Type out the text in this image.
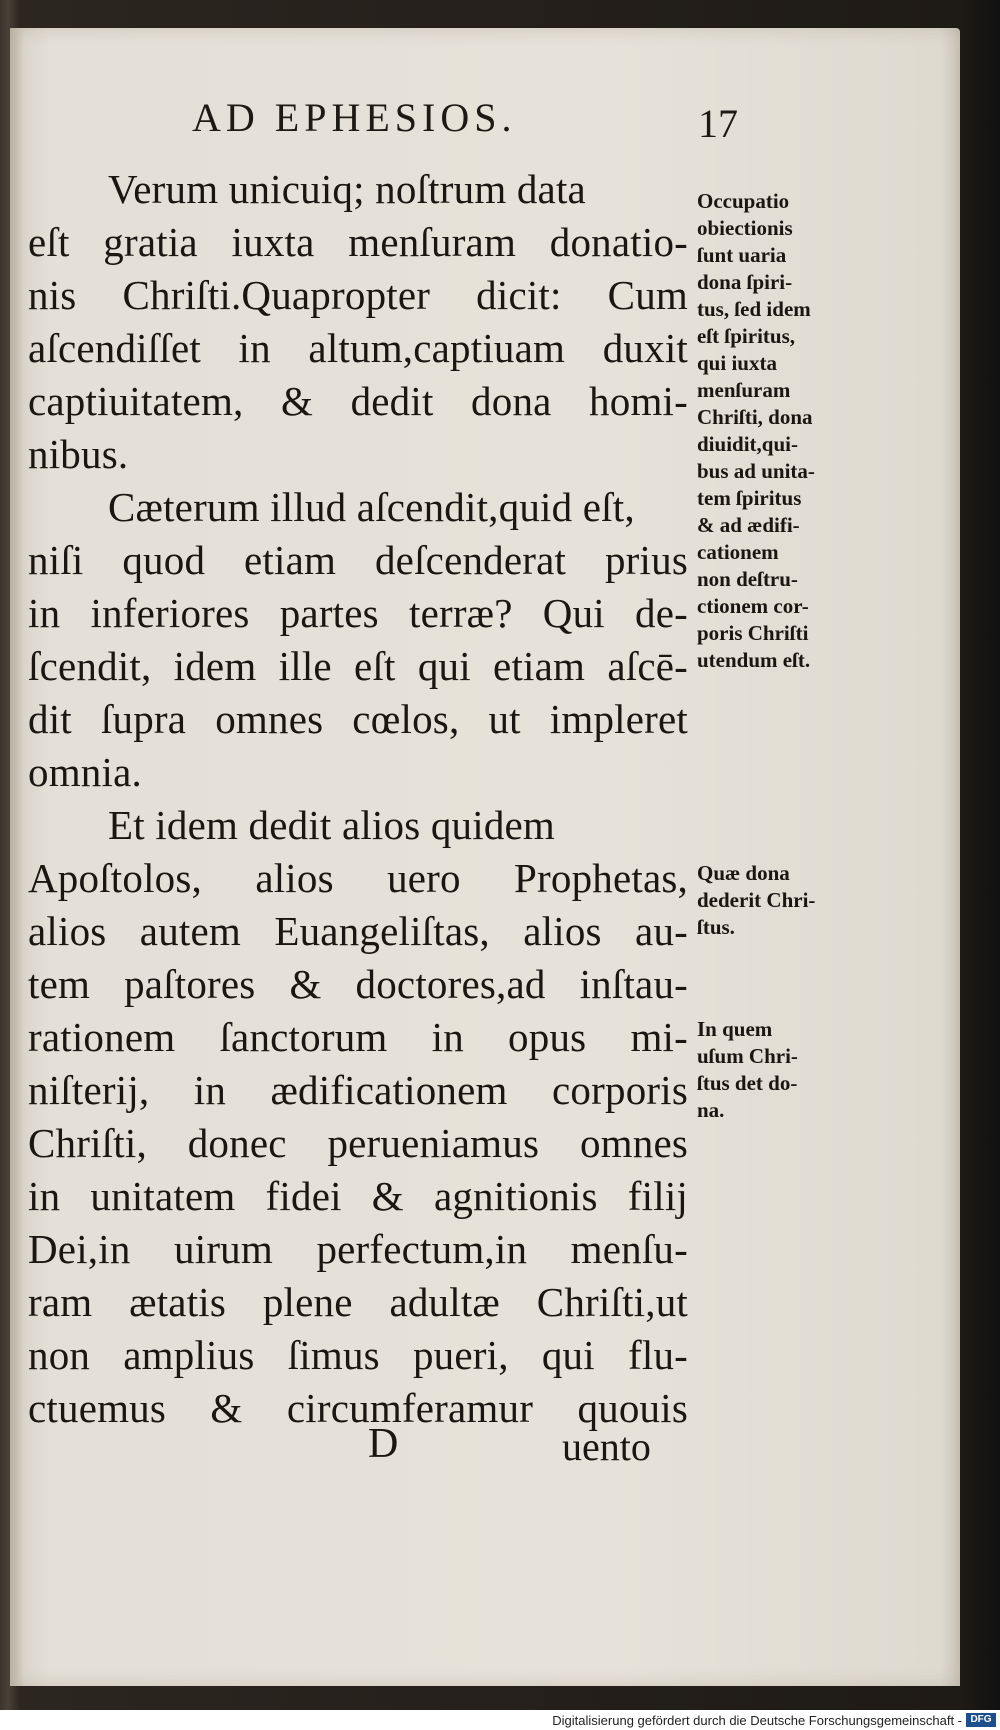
AD EPHESIOS.	17
Verum unicuiq; noſtrum data
eſt gratia iuxta menſuram donatio-
nis Chriſti.Quapropter dicit: Cum
aſcendiſſet in altum,captiuam duxit
captiuitatem, & dedit dona homi-
nibus.
Cæterum illud aſcendit,quid eſt,
niſi quod etiam deſcenderat prius
in inferiores partes terræ? Qui de-
ſcendit, idem ille eſt qui etiam aſcē-
dit ſupra omnes cœlos, ut impleret
omnia.
Et idem dedit alios quidem
Apoſtolos, alios uero Prophetas,
alios autem Euangeliſtas, alios au-
tem paſtores & doctores,ad inſtau-
rationem ſanctorum in opus mi-
niſterij, in ædificationem corporis
Chriſti, donec perueniamus omnes
in unitatem fidei & agnitionis filij
Dei,in uirum perfectum,in menſu-
ram ætatis plene adultæ Chriſti,ut
non amplius ſimus pueri, qui flu-
ctuemus & circumferamur quouis
Occupatio
obiectionis
ſunt uaria
dona ſpiri-
tus, ſed idem
eſt ſpiritus,
qui iuxta
menſuram
Chriſti, dona
diuidit,qui-
bus ad unita-
tem ſpiritus
& ad ædifi-
cationem
non deſtru-
ctionem cor-
poris Chriſti
utendum eſt.
Quæ dona
dederit Chri-
ſtus.
In quem
uſum Chri-
ſtus det do-
na.
D	uento
Digitalisierung gefördert durch die Deutsche Forschungsgemeinschaft - DFG
